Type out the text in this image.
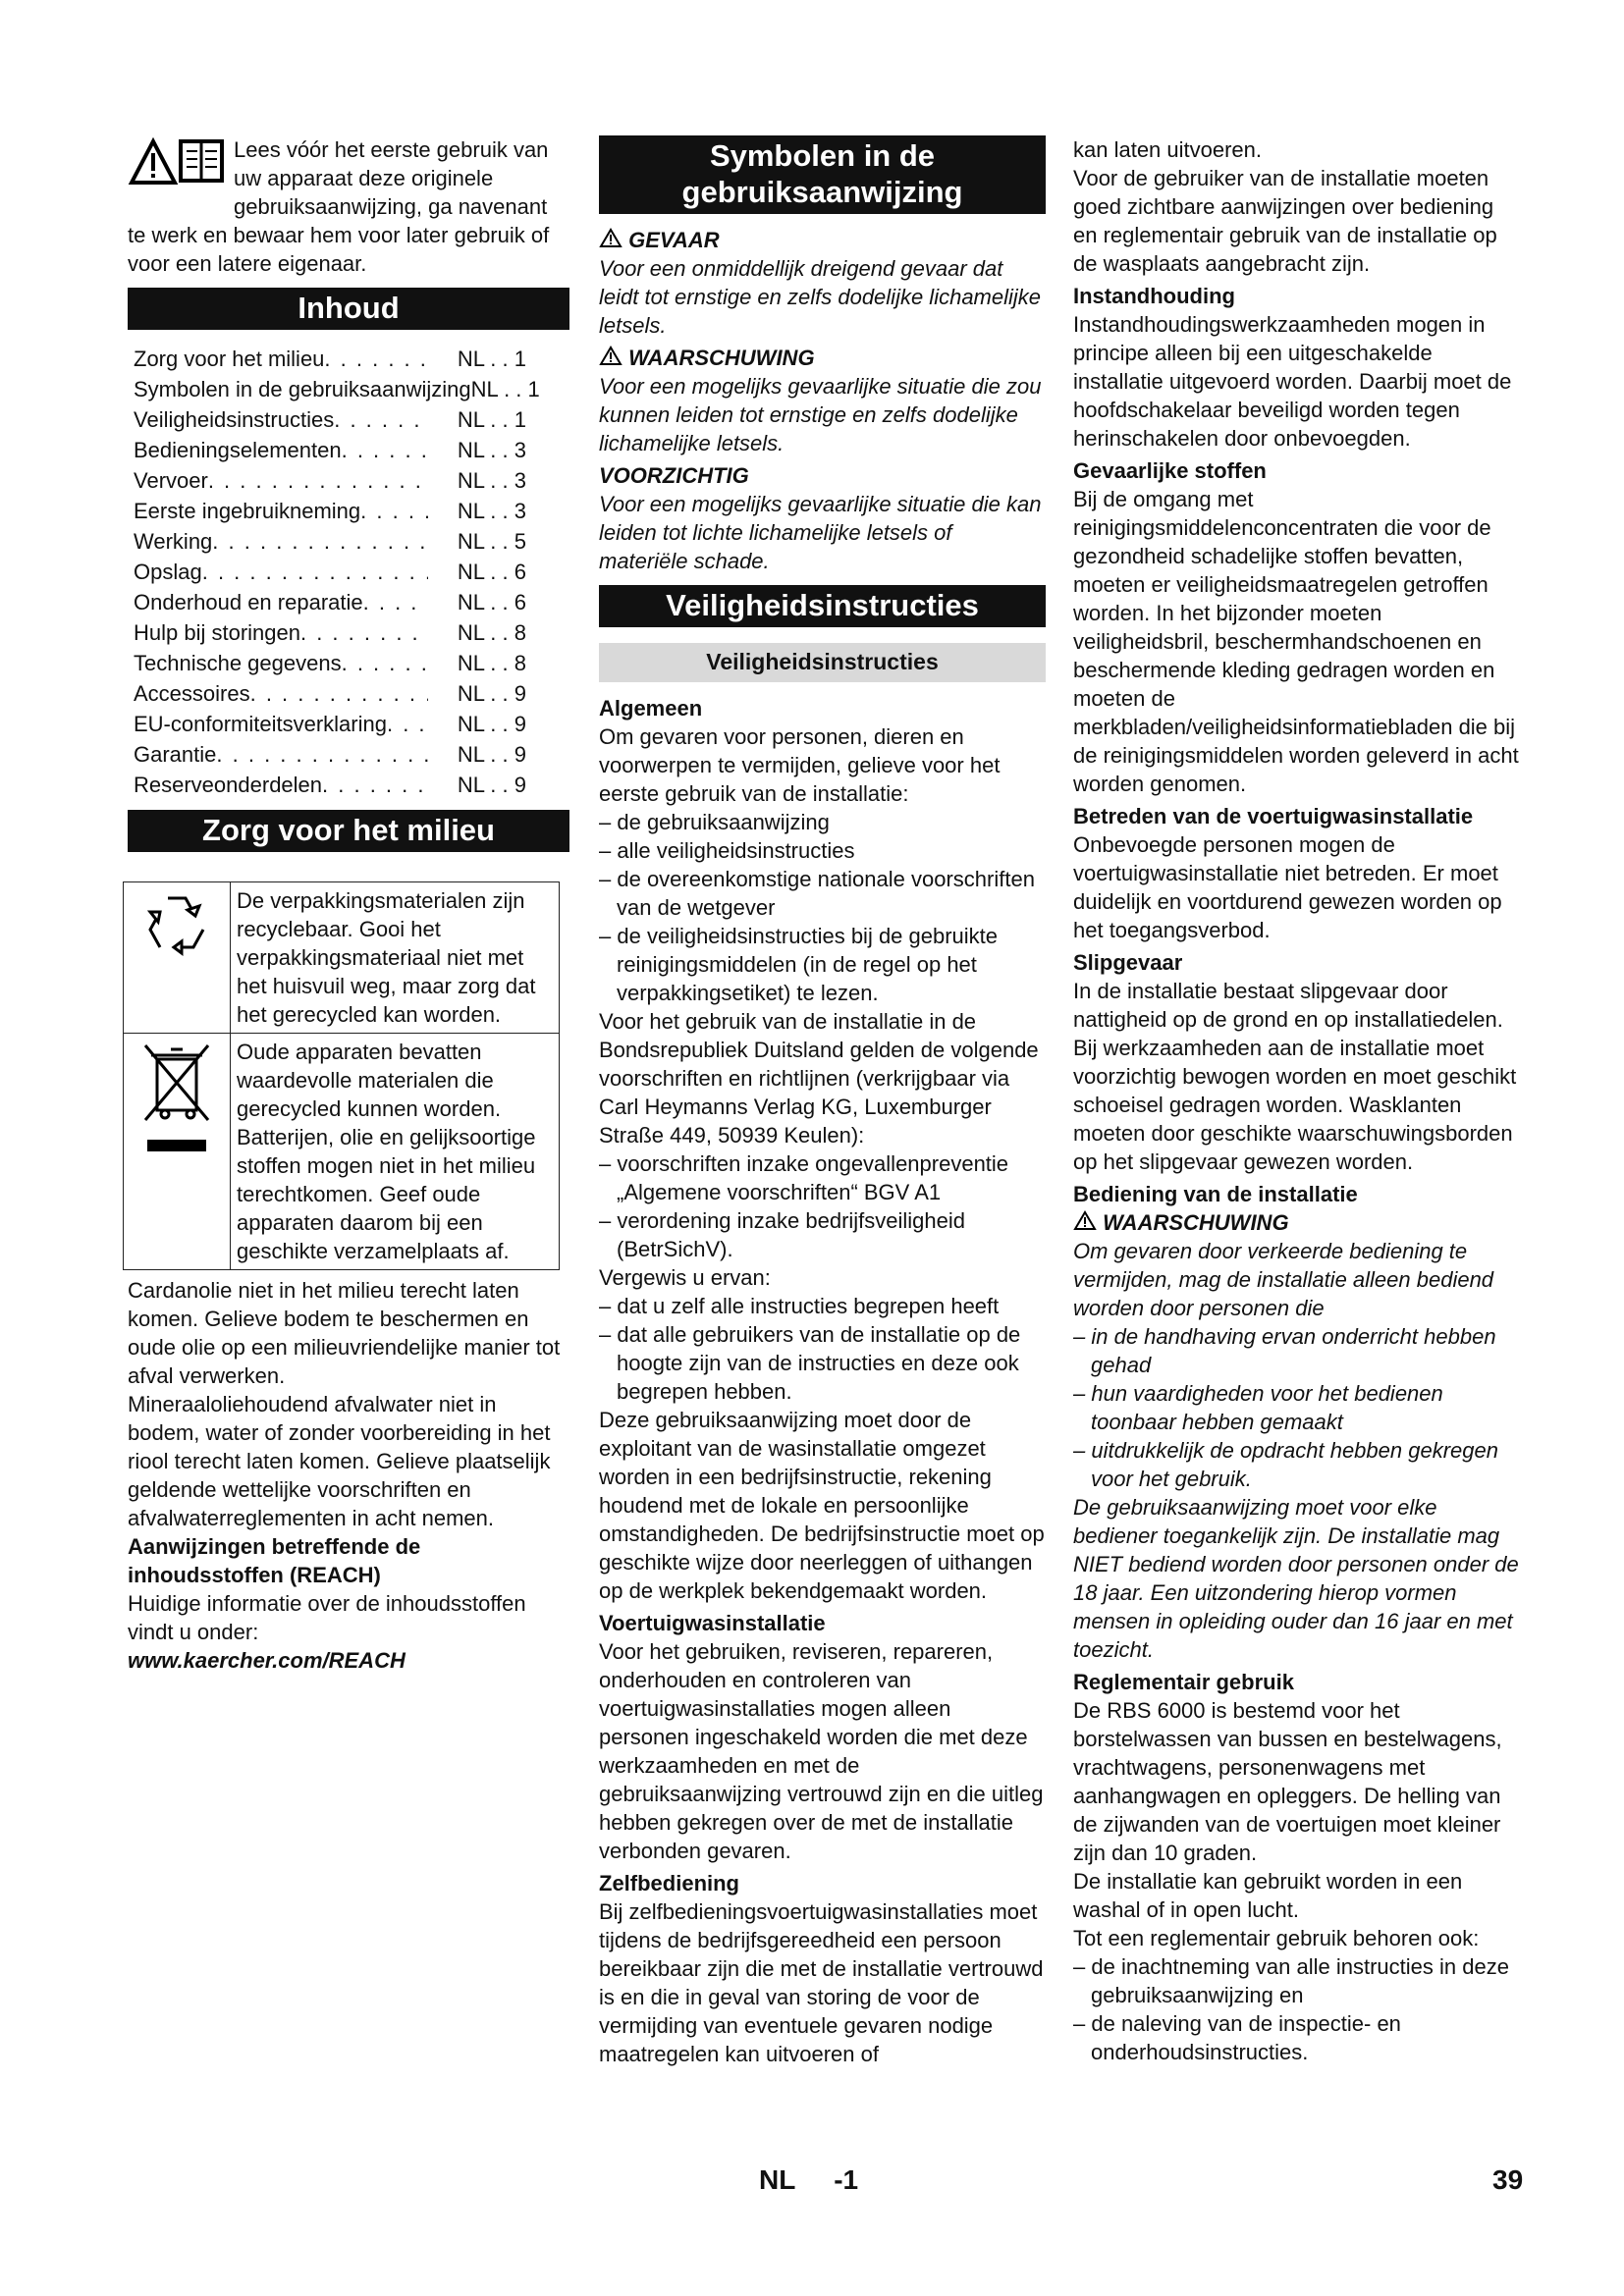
Lees vóór het eerste gebruik van uw apparaat deze originele gebruiksaanwijzing, ga navenant te werk en bewaar hem voor later gebruik of voor een latere eigenaar.

Inhoud
Zorg voor het milieu . . .	NL . . 1
Symbolen in de gebruiksaanwijzing NL . . 1
Veiligheidsinstructies . . .	NL . . 1
Bedieningselementen . . .	NL . . 3
Vervoer . . .	NL . . 3
Eerste ingebruikneming . . .	NL . . 3
Werking . . .	NL . . 5
Opslag . . .	NL . . 6
Onderhoud en reparatie . . .	NL . . 6
Hulp bij storingen . . .	NL . . 8
Technische gegevens . . .	NL . . 8
Accessoires . . .	NL . . 9
EU-conformiteitsverklaring . . .	NL . . 9
Garantie . . .	NL . . 9
Reserveonderdelen . . .	NL . . 9
Zorg voor het milieu
	De verpakkingsmaterialen zijn recyclebaar. Gooi het verpakkingsmateriaal niet met het huisvuil weg, maar zorg dat het gerecycled kan worden.
	Oude apparaten bevatten waardevolle materialen die gerecycled kunnen worden. Batterijen, olie en gelijksoortige stoffen mogen niet in het milieu terechtkomen. Geef oude apparaten daarom bij een geschikte verzamelplaats af.

Cardanolie niet in het milieu terecht laten komen. Gelieve bodem te beschermen en oude olie op een milieuvriendelijke manier tot afval verwerken.

Mineraaloliehoudend afvalwater niet in bodem, water of zonder voorbereiding in het riool terecht laten komen. Gelieve plaatselijk geldende wettelijke voorschriften en afvalwaterreglementen in acht nemen.

Aanwijzingen betreffende de inhoudsstoffen (REACH)

Huidige informatie over de inhoudsstoffen vindt u onder:

www.kaercher.com/REACH

Symbolen in de gebruiksaanwijzing

GEVAAR

Voor een onmiddellijk dreigend gevaar dat leidt tot ernstige en zelfs dodelijke lichamelijke letsels.

WAARSCHUWING

Voor een mogelijks gevaarlijke situatie die zou kunnen leiden tot ernstige en zelfs dodelijke lichamelijke letsels.

VOORZICHTIG

Voor een mogelijks gevaarlijke situatie die kan leiden tot lichte lichamelijke letsels of materiële schade.

Veiligheidsinstructies
Veiligheidsinstructies

Algemeen

Om gevaren voor personen, dieren en voorwerpen te vermijden, gelieve voor het eerste gebruik van de installatie:

– de gebruiksaanwijzing
– alle veiligheidsinstructies
– de overeenkomstige nationale voorschriften van de wetgever
– de veiligheidsinstructies bij de gebruikte reinigingsmiddelen (in de regel op het verpakkingsetiket) te lezen.

Voor het gebruik van de installatie in de Bondsrepubliek Duitsland gelden de volgende voorschriften en richtlijnen (verkrijgbaar via Carl Heymanns Verlag KG, Luxemburger Straße 449, 50939 Keulen):

– voorschriften inzake ongevallenpreventie „Algemene voorschriften“ BGV A1
– verordening inzake bedrijfsveiligheid (BetrSichV).

Vergewis u ervan:

– dat u zelf alle instructies begrepen heeft
– dat alle gebruikers van de installatie op de hoogte zijn van de instructies en deze ook begrepen hebben.

Deze gebruiksaanwijzing moet door de exploitant van de wasinstallatie omgezet worden in een bedrijfsinstructie, rekening houdend met de lokale en persoonlijke omstandigheden. De bedrijfsinstructie moet op geschikte wijze door neerleggen of uithangen op de werkplek bekendgemaakt worden.

Voertuigwasinstallatie

Voor het gebruiken, reviseren, repareren, onderhouden en controleren van voertuigwasinstallaties mogen alleen personen ingeschakeld worden die met deze werkzaamheden en met de gebruiksaanwijzing vertrouwd zijn en die uitleg hebben gekregen over de met de installatie verbonden gevaren.

Zelfbediening

Bij zelfbedieningsvoertuigwasinstallaties moet tijdens de bedrijfsgereedheid een persoon bereikbaar zijn die met de installatie vertrouwd is en die in geval van storing de voor de vermijding van eventuele gevaren nodige maatregelen kan uitvoeren of

kan laten uitvoeren.

Voor de gebruiker van de installatie moeten goed zichtbare aanwijzingen over bediening en reglementair gebruik van de installatie op de wasplaats aangebracht zijn.

Instandhouding

Instandhoudingswerkzaamheden mogen in principe alleen bij een uitgeschakelde installatie uitgevoerd worden. Daarbij moet de hoofdschakelaar beveiligd worden tegen herinschakelen door onbevoegden.

Gevaarlijke stoffen

Bij de omgang met reinigingsmiddelenconcentraten die voor de gezondheid schadelijke stoffen bevatten, moeten er veiligheidsmaatregelen getroffen worden. In het bijzonder moeten veiligheidsbril, beschermhandschoenen en beschermende kleding gedragen worden en moeten de merkbladen/veiligheidsinformatiebladen die bij de reinigingsmiddelen worden geleverd in acht worden genomen.

Betreden van de voertuigwasinstallatie

Onbevoegde personen mogen de voertuigwasinstallatie niet betreden. Er moet duidelijk en voortdurend gewezen worden op het toegangsverbod.

Slipgevaar

In de installatie bestaat slipgevaar door nattigheid op de grond en op installatiedelen. Bij werkzaamheden aan de installatie moet voorzichtig bewogen worden en moet geschikt schoeisel gedragen worden. Wasklanten moeten door geschikte waarschuwingsborden op het slipgevaar gewezen worden.

Bediening van de installatie

WAARSCHUWING

Om gevaren door verkeerde bediening te vermijden, mag de installatie alleen bediend worden door personen die

– in de handhaving ervan onderricht hebben gehad
– hun vaardigheden voor het bedienen toonbaar hebben gemaakt
– uitdrukkelijk de opdracht hebben gekregen voor het gebruik.

De gebruiksaanwijzing moet voor elke bediener toegankelijk zijn. De installatie mag NIET bediend worden door personen onder de 18 jaar. Een uitzondering hierop vormen mensen in opleiding ouder dan 16 jaar en met toezicht.

Reglementair gebruik

De RBS 6000 is bestemd voor het borstelwassen van bussen en bestelwagens, vrachtwagens, personenwagens met aanhangwagen en opleggers. De helling van de zijwanden van de voertuigen moet kleiner zijn dan 10 graden.

De installatie kan gebruikt worden in een washal of in open lucht.

Tot een reglementair gebruik behoren ook:

– de inachtneming van alle instructies in deze gebruiksaanwijzing en
– de naleving van de inspectie- en onderhoudsinstructies.
NL -1	39
